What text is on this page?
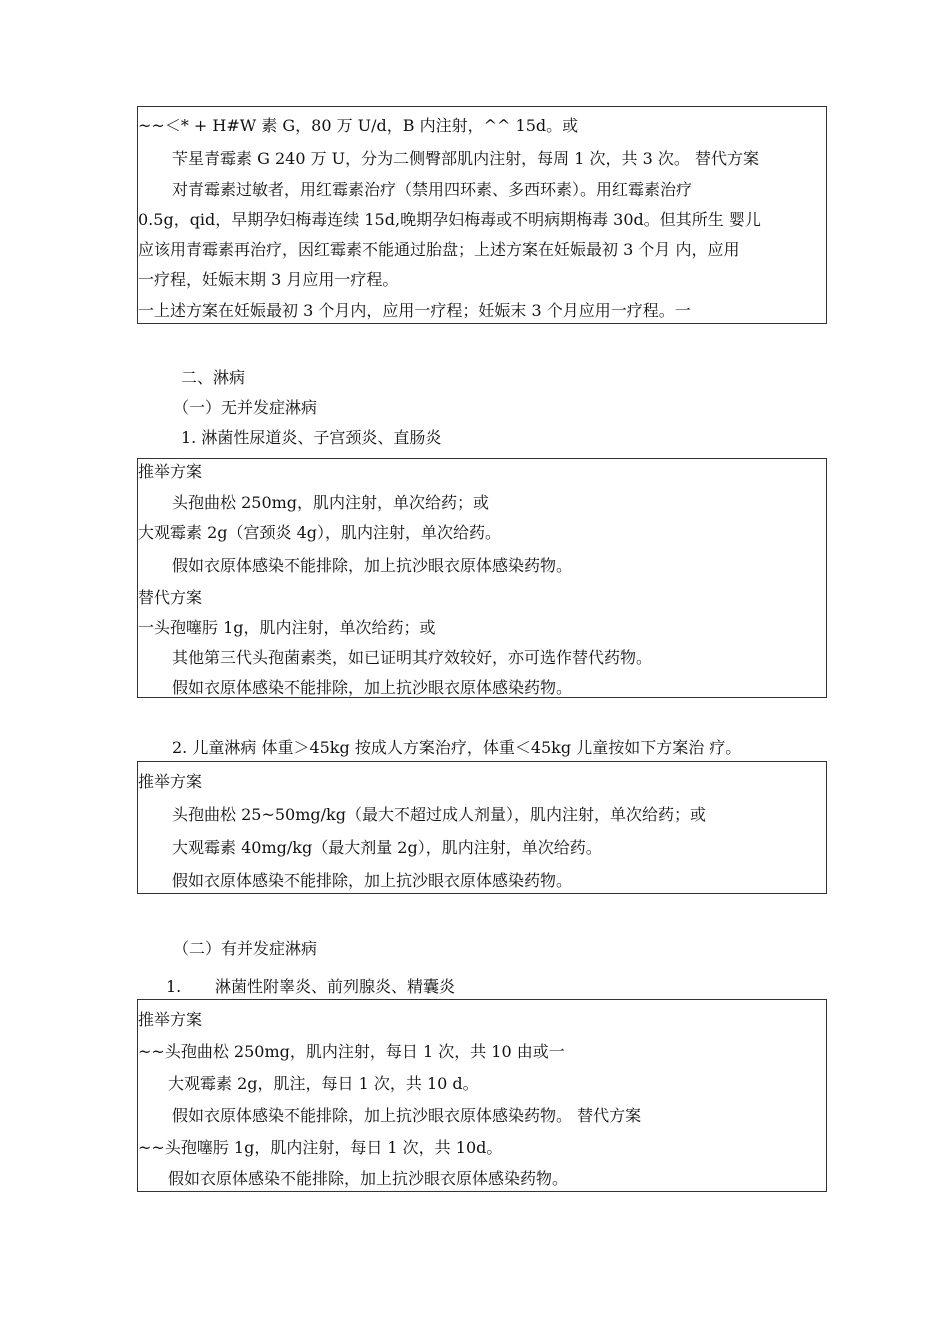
~~＜* + H#W 素 G，80 万 U/d，B 内注射，^^ 15d。或
苄星青霉素 G 240 万 U，分为二侧臀部肌内注射，每周 1 次，共 3 次。 替代方案
对青霉素过敏者，用红霉素治疗（禁用四环素、多西环素）。用红霉素治疗
0.5g，qid，早期孕妇梅毒连续 15d,晚期孕妇梅毒或不明病期梅毒 30d。但其所生 婴儿
应该用青霉素再治疗，因红霉素不能通过胎盘；上述方案在妊娠最初 3 个月 内，应用
一疗程，妊娠末期 3 月应用一疗程。
一上述方案在妊娠最初 3 个月内，应用一疗程；妊娠末 3 个月应用一疗程。一
二、淋病
（一）无并发症淋病
1. 淋菌性尿道炎、子宫颈炎、直肠炎
推举方案
头孢曲松 250mg，肌内注射，单次给药；或
大观霉素 2g（宫颈炎 4g），肌内注射，单次给药。
假如衣原体感染不能排除，加上抗沙眼衣原体感染药物。
替代方案
一头孢噻肟 1g，肌内注射，单次给药；或
其他第三代头孢菌素类，如已证明其疗效较好，亦可选作替代药物。
假如衣原体感染不能排除，加上抗沙眼衣原体感染药物。
2. 儿童淋病 体重＞45kg 按成人方案治疗，体重＜45kg 儿童按如下方案治 疗。
推举方案
头孢曲松 25~50mg/kg（最大不超过成人剂量），肌内注射，单次给药；或
大观霉素 40mg/kg（最大剂量 2g），肌内注射，单次给药。
假如衣原体感染不能排除，加上抗沙眼衣原体感染药物。
（二）有并发症淋病
1. 淋菌性附睾炎、前列腺炎、精囊炎
推举方案
~~头孢曲松 250mg，肌内注射，每日 1 次，共 10 由或一
大观霉素 2g，肌注，每日 1 次，共 10 d。
假如衣原体感染不能排除，加上抗沙眼衣原体感染药物。 替代方案
~~头孢噻肟 1g，肌内注射，每日 1 次，共 10d。
假如衣原体感染不能排除，加上抗沙眼衣原体感染药物。
